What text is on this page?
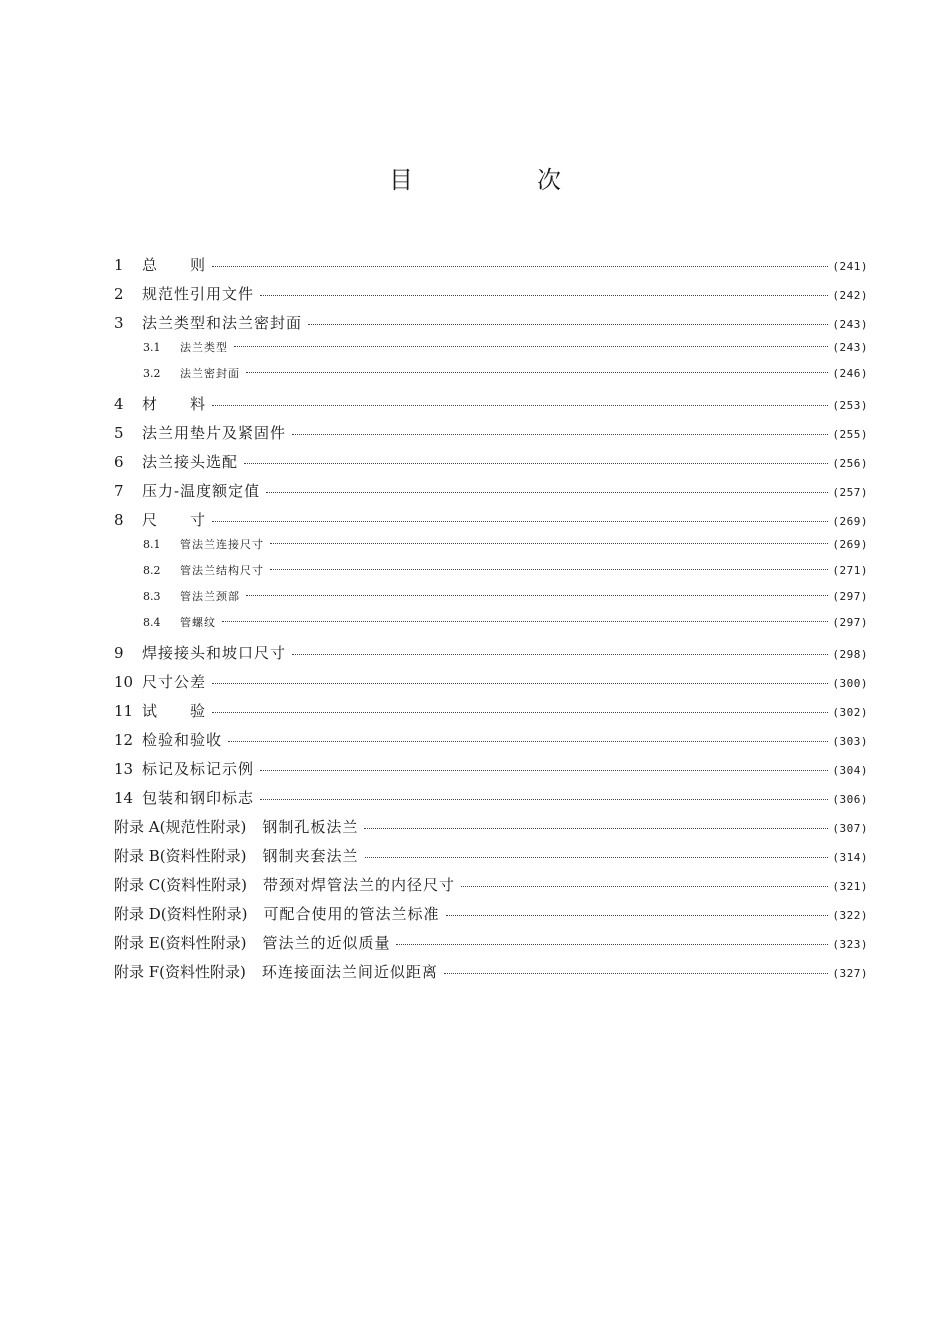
目　次
1	总　　则	(241)
2	规范性引用文件	(242)
3	法兰类型和法兰密封面	(243)
3.1	法兰类型	(243)
3.2	法兰密封面	(246)
4	材　　料	(253)
5	法兰用垫片及紧固件	(255)
6	法兰接头选配	(256)
7	压力-温度额定值	(257)
8	尺　　寸	(269)
8.1	管法兰连接尺寸	(269)
8.2	管法兰结构尺寸	(271)
8.3	管法兰颈部	(297)
8.4	管螺纹	(297)
9	焊接接头和坡口尺寸	(298)
10 尺寸公差	(300)
11 试　　验	(302)
12 检验和验收	(303)
13 标记及标记示例	(304)
14 包装和钢印标志	(306)
附录 A(规范性附录)	钢制孔板法兰	(307)
附录 B(资料性附录)	钢制夹套法兰	(314)
附录 C(资料性附录)	带颈对焊管法兰的内径尺寸	(321)
附录 D(资料性附录)	可配合使用的管法兰标准	(322)
附录 E(资料性附录)	管法兰的近似质量	(323)
附录 F(资料性附录)	环连接面法兰间近似距离	(327)
